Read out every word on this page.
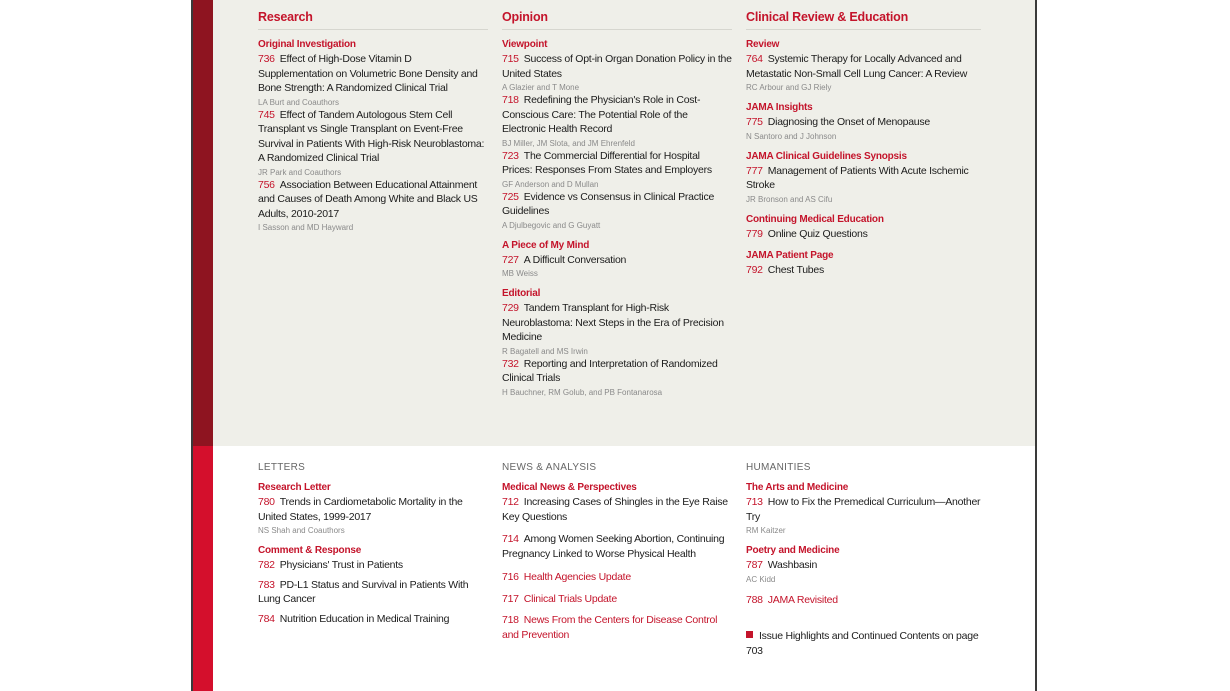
Research
Original Investigation
736 Effect of High-Dose Vitamin D Supplementation on Volumetric Bone Density and Bone Strength: A Randomized Clinical Trial
LA Burt and Coauthors
745 Effect of Tandem Autologous Stem Cell Transplant vs Single Transplant on Event-Free Survival in Patients With High-Risk Neuroblastoma: A Randomized Clinical Trial
JR Park and Coauthors
756 Association Between Educational Attainment and Causes of Death Among White and Black US Adults, 2010-2017
I Sasson and MD Hayward
Opinion
Viewpoint
715 Success of Opt-in Organ Donation Policy in the United States
A Glazier and T Mone
718 Redefining the Physician's Role in Cost-Conscious Care: The Potential Role of the Electronic Health Record
BJ Miller, JM Slota, and JM Ehrenfeld
723 The Commercial Differential for Hospital Prices: Responses From States and Employers
GF Anderson and D Mullan
725 Evidence vs Consensus in Clinical Practice Guidelines
A Djulbegovic and G Guyatt
A Piece of My Mind
727 A Difficult Conversation
MB Weiss
Editorial
729 Tandem Transplant for High-Risk Neuroblastoma: Next Steps in the Era of Precision Medicine
R Bagatell and MS Irwin
732 Reporting and Interpretation of Randomized Clinical Trials
H Bauchner, RM Golub, and PB Fontanarosa
Clinical Review & Education
Review
764 Systemic Therapy for Locally Advanced and Metastatic Non-Small Cell Lung Cancer: A Review
RC Arbour and GJ Riely
JAMA Insights
775 Diagnosing the Onset of Menopause
N Santoro and J Johnson
JAMA Clinical Guidelines Synopsis
777 Management of Patients With Acute Ischemic Stroke
JR Bronson and AS Cifu
Continuing Medical Education
779 Online Quiz Questions
JAMA Patient Page
792 Chest Tubes
LETTERS
Research Letter
780 Trends in Cardiometabolic Mortality in the United States, 1999-2017
NS Shah and Coauthors
Comment & Response
782 Physicians' Trust in Patients
783 PD-L1 Status and Survival in Patients With Lung Cancer
784 Nutrition Education in Medical Training
NEWS & ANALYSIS
Medical News & Perspectives
712 Increasing Cases of Shingles in the Eye Raise Key Questions
714 Among Women Seeking Abortion, Continuing Pregnancy Linked to Worse Physical Health
716 Health Agencies Update
717 Clinical Trials Update
718 News From the Centers for Disease Control and Prevention
HUMANITIES
The Arts and Medicine
713 How to Fix the Premedical Curriculum—Another Try
RM Kaitzer
Poetry and Medicine
787 Washbasin
AC Kidd
788 JAMA Revisited
Issue Highlights and Continued Contents on page 703
